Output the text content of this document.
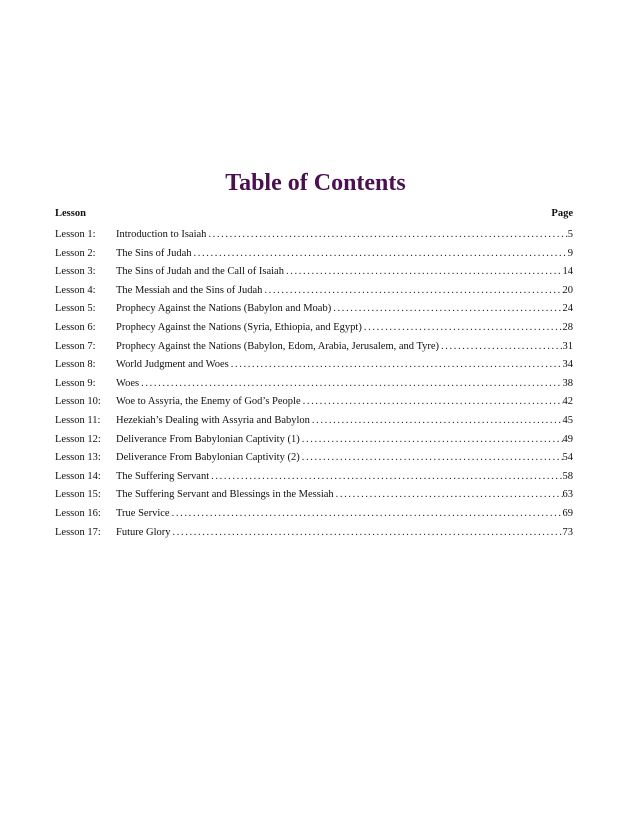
Table of Contents
Lesson	Page
Lesson 1:	Introduction to Isaiah . . .	5
Lesson 2:	The Sins of Judah . . .	9
Lesson 3:	The Sins of Judah and the Call of Isaiah . . .	14
Lesson 4:	The Messiah and the Sins of Judah . . .	20
Lesson 5:	Prophecy Against the Nations (Babylon and Moab) . . .	24
Lesson 6:	Prophecy Against the Nations (Syria, Ethiopia, and Egypt) . . .	28
Lesson 7:	Prophecy Against the Nations (Babylon, Edom, Arabia, Jerusalem, and Tyre) . . .	31
Lesson 8:	World Judgment and Woes . . .	34
Lesson 9:	Woes . . .	38
Lesson 10:	Woe to Assyria, the Enemy of God’s People . . .	42
Lesson 11:	Hezekiah’s Dealing with Assyria and Babylon . . .	45
Lesson 12:	Deliverance From Babylonian Captivity (1) . . .	49
Lesson 13:	Deliverance From Babylonian Captivity (2) . . .	54
Lesson 14:	The Suffering Servant . . .	58
Lesson 15:	The Suffering Servant and Blessings in the Messiah . . .	63
Lesson 16:	True Service . . .	69
Lesson 17:	Future Glory . . .	73
